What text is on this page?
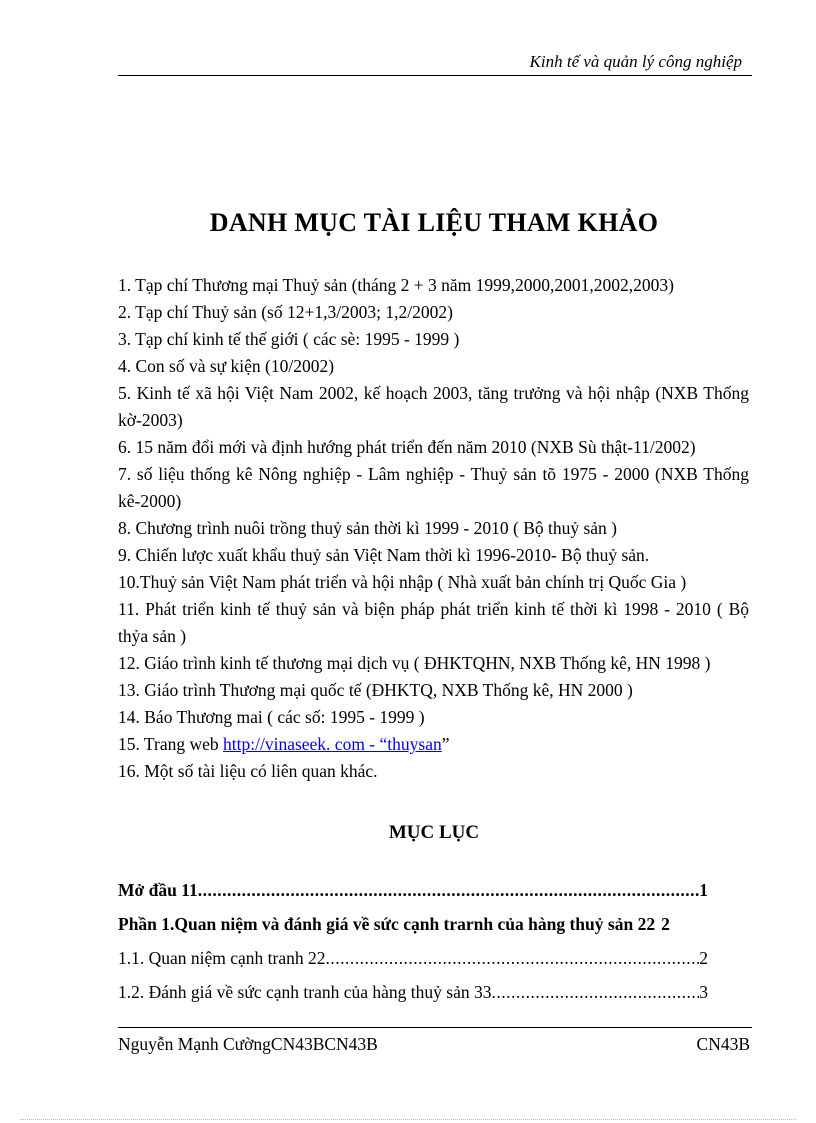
Kinh tế và quản lý công nghiệp
DANH MỤC TÀI LIỆU THAM KHẢO

1. Tạp chí Thương mại Thuỷ sản (tháng 2 + 3 năm 1999,2000,2001,2002,2003)

2. Tạp chí Thuỷ sản (số 12+1,3/2003; 1,2/2002)

3. Tạp chí kinh tế thế giới ( các sè: 1995 - 1999 )

4. Con số và sự kiện (10/2002)

5. Kinh tế xã hội Việt Nam 2002, kế hoạch 2003, tăng trưởng và hội nhập (NXB Thống kờ-2003)

6. 15 năm đổi mới và định hướng phát triển đến năm 2010 (NXB Sù thật-11/2002)

7. số liệu thống kê Nông nghiệp - Lâm nghiệp - Thuỷ sản tõ 1975 - 2000 (NXB Thống kê-2000)

8. Chương trình nuôi trồng thuỷ sản thời kì 1999 - 2010 ( Bộ thuỷ sản )

9. Chiến lược xuất khẩu thuỷ sản Việt Nam thời kì 1996-2010- Bộ thuỷ sản.

10.Thuỷ sản Việt Nam phát triển và hội nhập ( Nhà xuất bản chính trị Quốc Gia )

11. Phát triển kinh tế thuỷ sản và biện pháp phát triển kinh tế thời kì 1998 - 2010 ( Bộ thỷa sản )

12. Giáo trình kinh tế thương mại dịch vụ ( ĐHKTQHN, NXB Thống kê, HN 1998 )

13. Giáo trình Thương mại quốc tế (ĐHKTQ, NXB Thống kê, HN 2000 )

14. Báo Thương mai ( các số: 1995 - 1999 )

15. Trang web http://vinaseek. com - “thuysan”

16. Một số tài liệu có liên quan khác.

MỤC LỤC
Mở đầu 11 .....	1
Phần 1.Quan niệm và đánh giá về sức cạnh trarnh của hàng thuỷ sản 22 2
1.1. Quan niệm cạnh tranh 22 .....	2
1.2. Đánh giá về sức cạnh tranh của hàng thuỷ sản 33 .....	3
Nguyễn Mạnh CườngCN43BCN43B	CN43B
